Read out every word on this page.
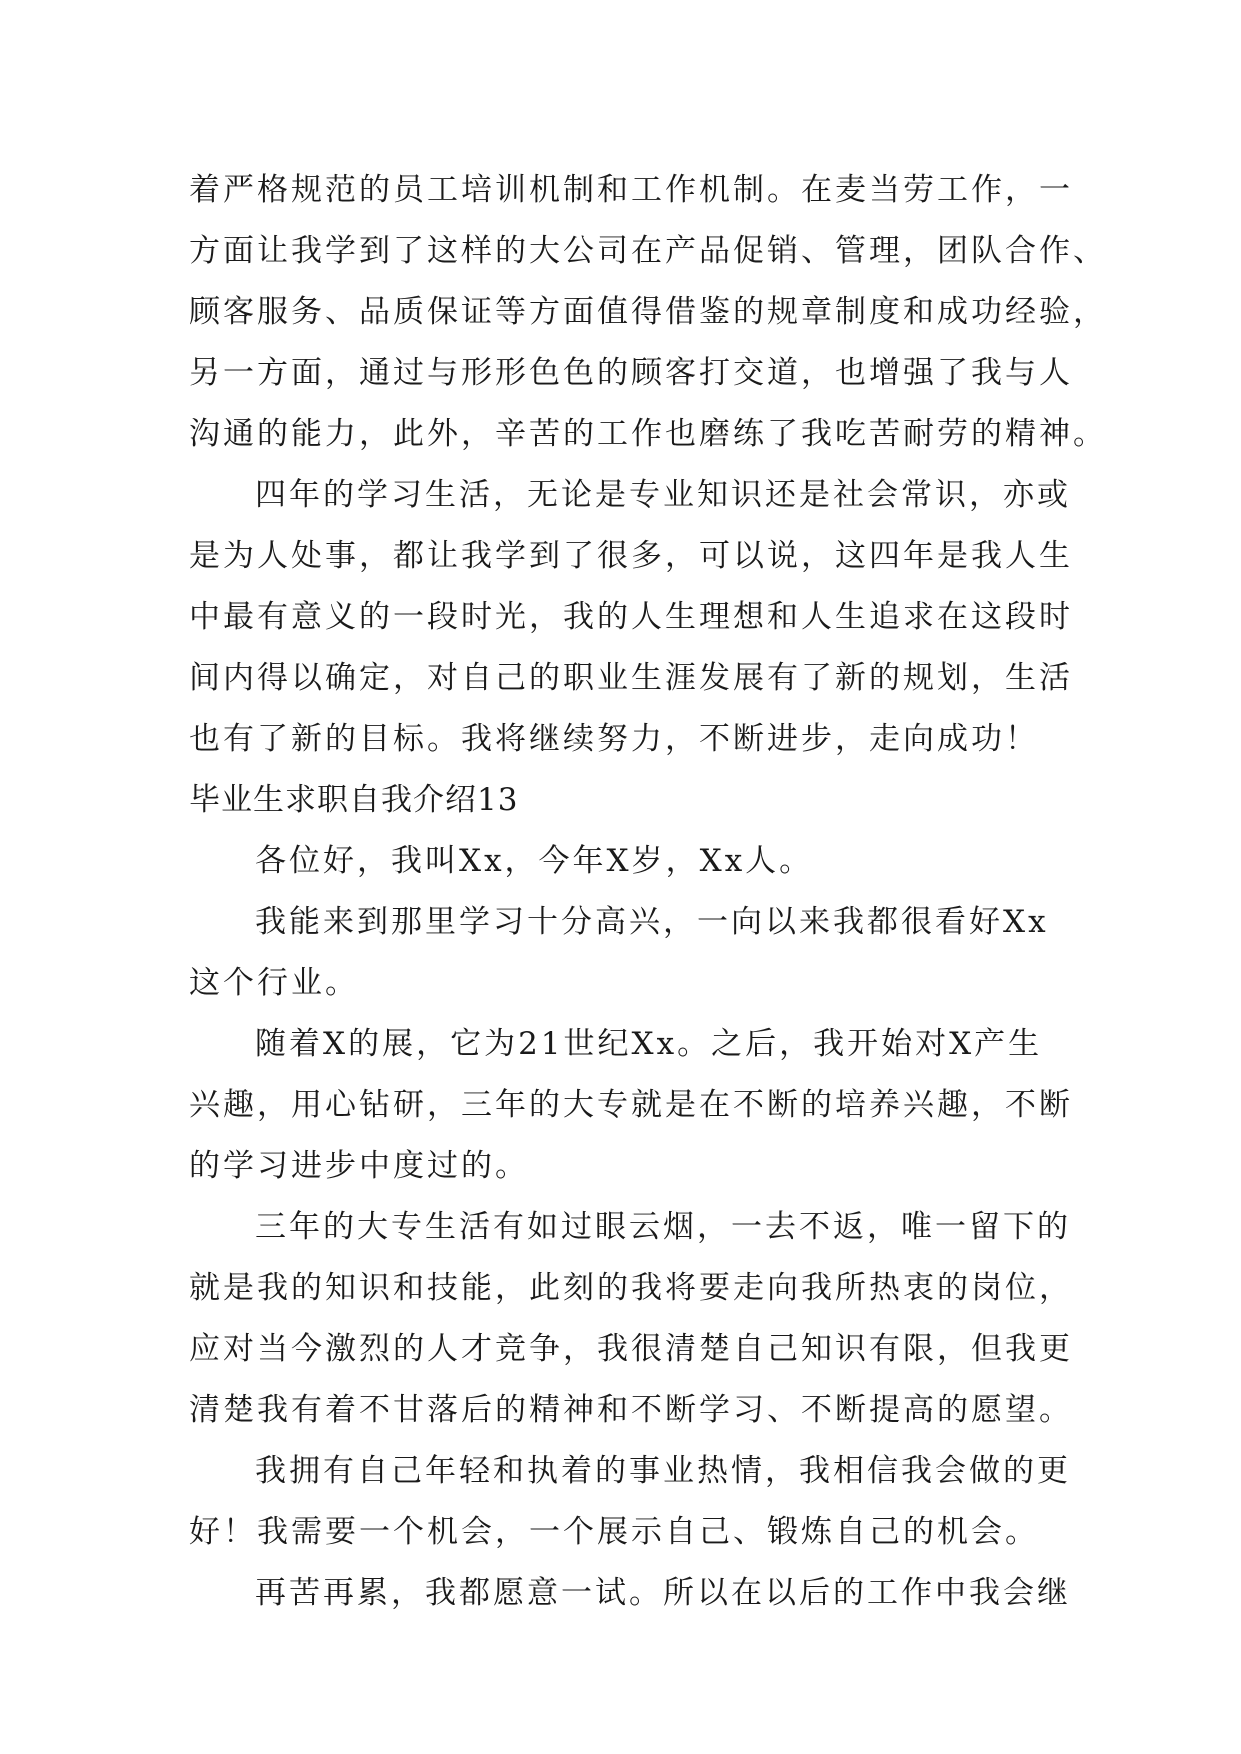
着严格规范的员工培训机制和工作机制。在麦当劳工作，一
方面让我学到了这样的大公司在产品促销、管理，团队合作、
顾客服务、品质保证等方面值得借鉴的规章制度和成功经验，
另一方面，通过与形形色色的顾客打交道，也增强了我与人
沟通的能力，此外，辛苦的工作也磨练了我吃苦耐劳的精神。
四年的学习生活，无论是专业知识还是社会常识，亦或
是为人处事，都让我学到了很多，可以说，这四年是我人生
中最有意义的一段时光，我的人生理想和人生追求在这段时
间内得以确定，对自己的职业生涯发展有了新的规划，生活
也有了新的目标。我将继续努力，不断进步，走向成功！
毕业生求职自我介绍13
各位好，我叫Xx，今年X岁，Xx人。
我能来到那里学习十分高兴，一向以来我都很看好Xx
这个行业。
随着X的展，它为21世纪Xx。之后，我开始对X产生
兴趣，用心钻研，三年的大专就是在不断的培养兴趣，不断
的学习进步中度过的。
三年的大专生活有如过眼云烟，一去不返，唯一留下的
就是我的知识和技能，此刻的我将要走向我所热衷的岗位，
应对当今激烈的人才竞争，我很清楚自己知识有限，但我更
清楚我有着不甘落后的精神和不断学习、不断提高的愿望。
我拥有自己年轻和执着的事业热情，我相信我会做的更
好！我需要一个机会，一个展示自己、锻炼自己的机会。
再苦再累，我都愿意一试。所以在以后的工作中我会继
